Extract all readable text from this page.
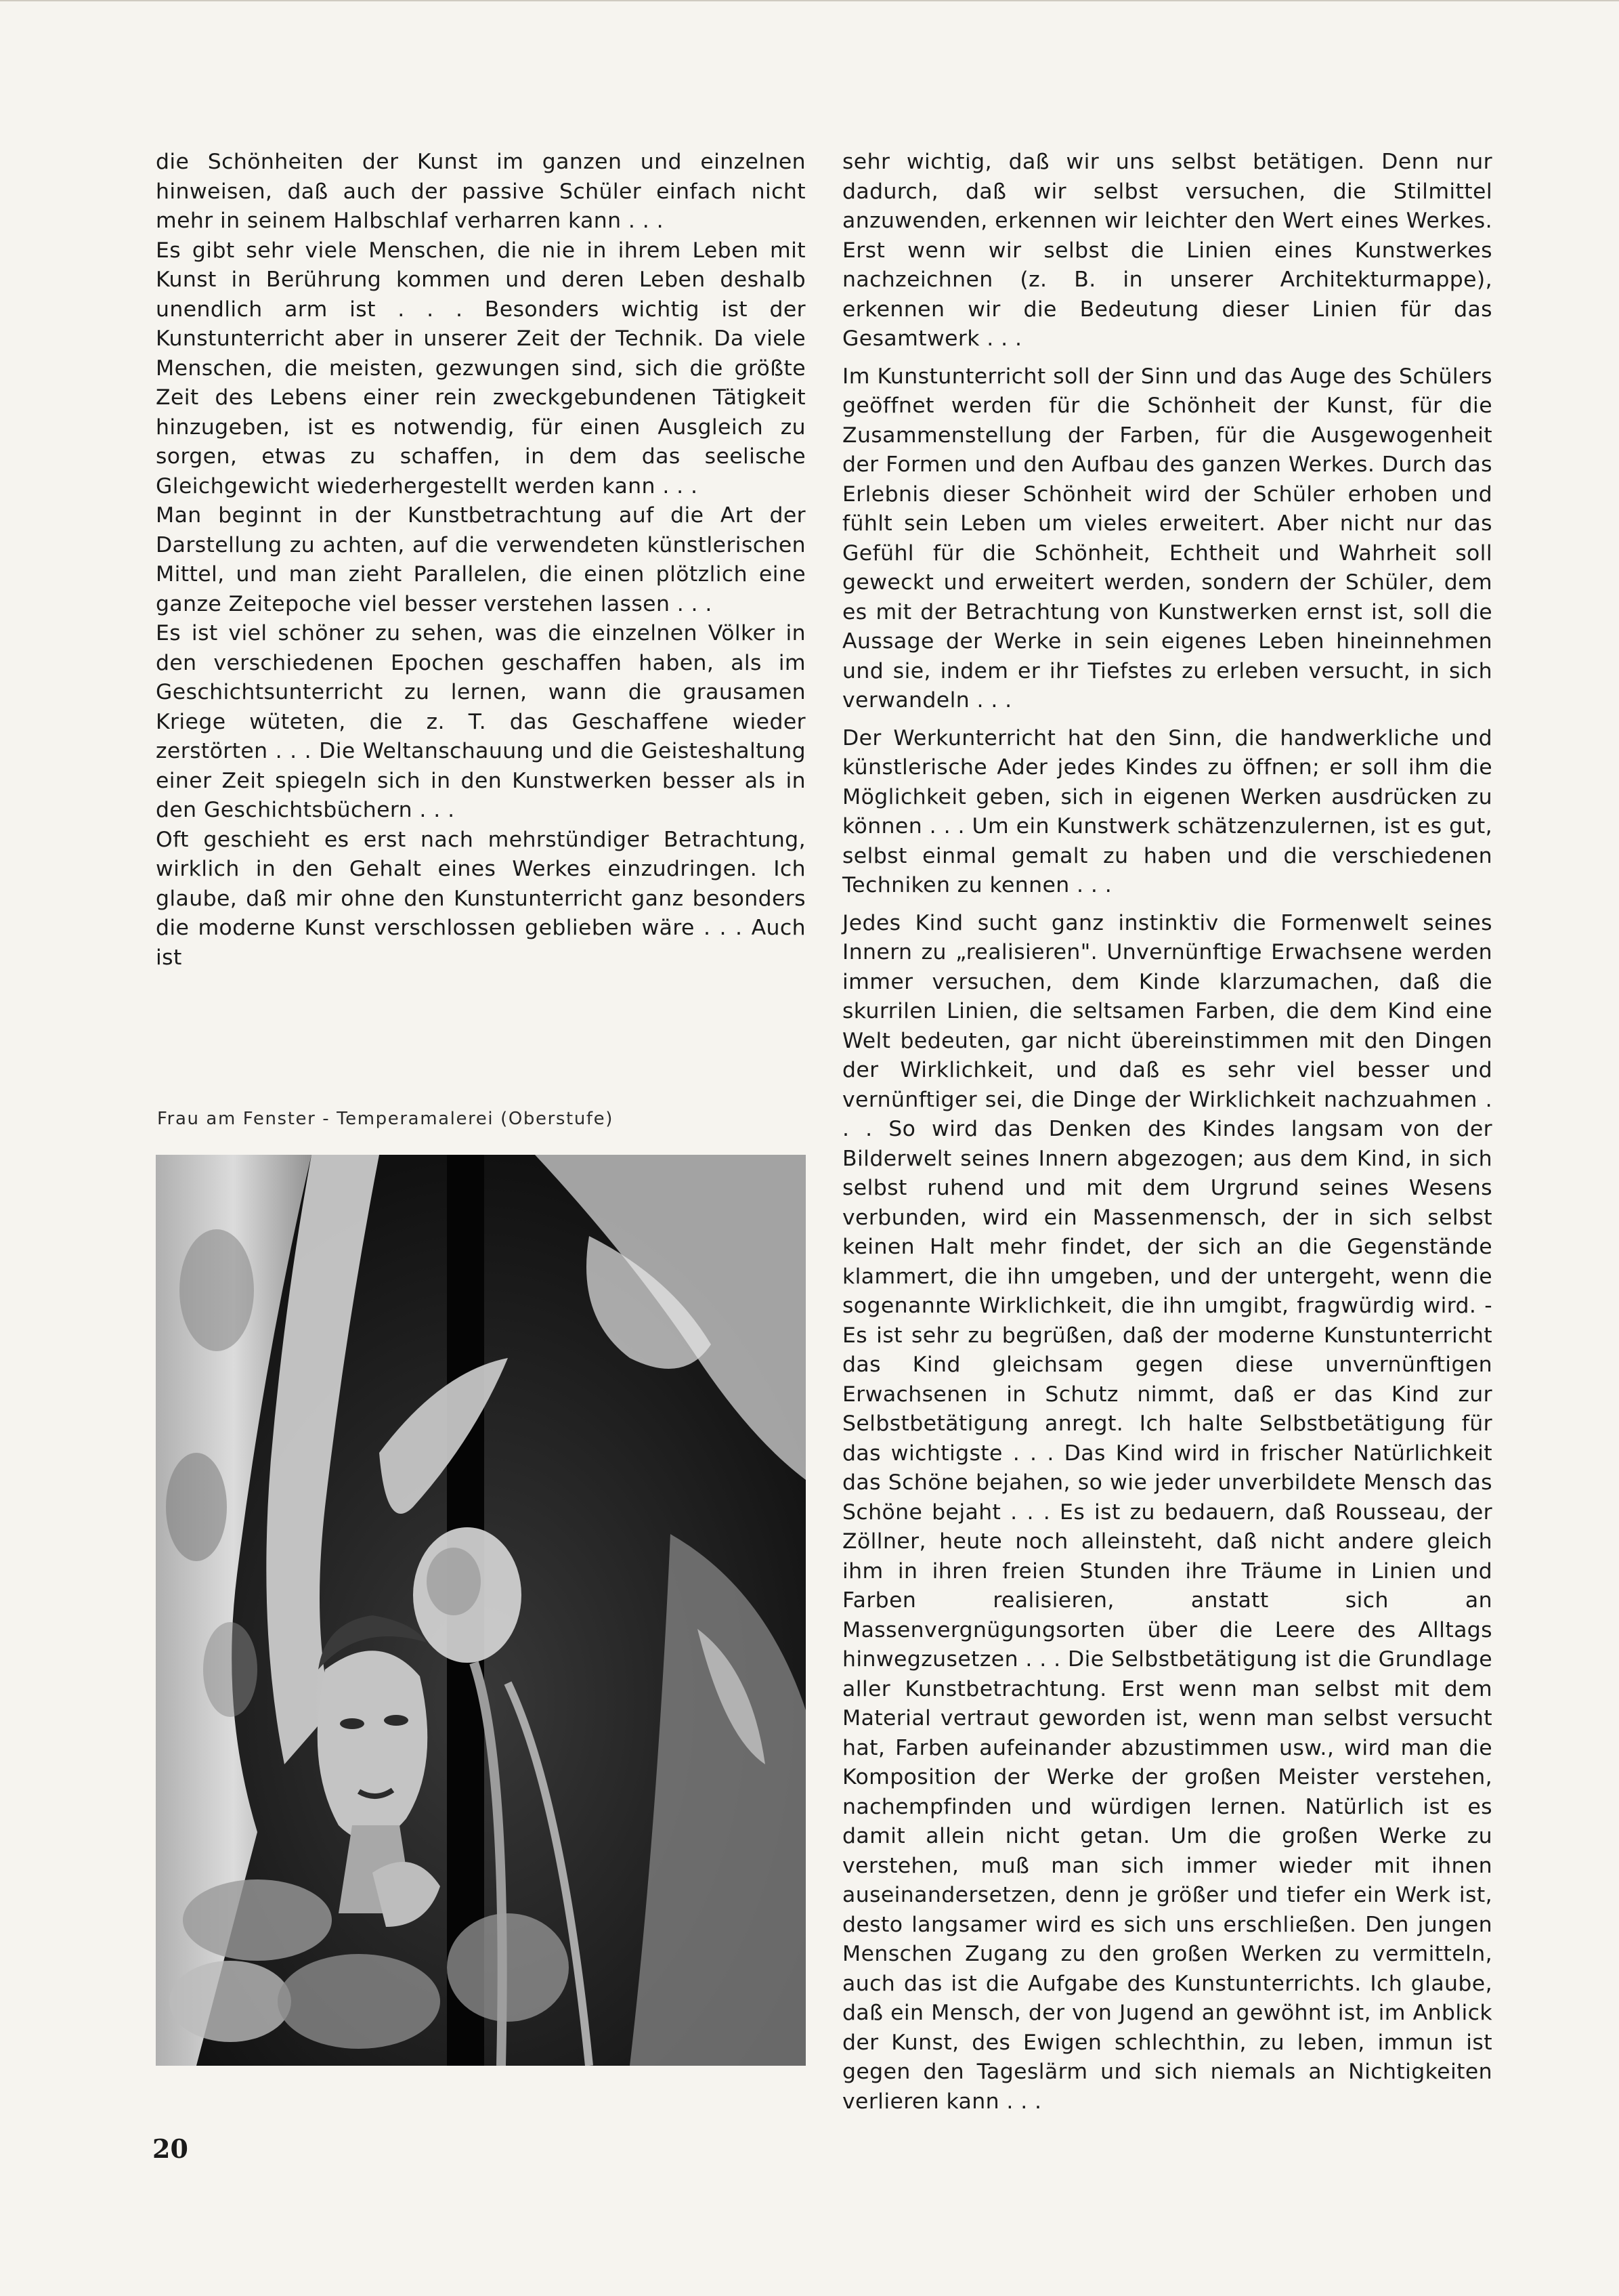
die Schönheiten der Kunst im ganzen und einzelnen hinweisen, daß auch der passive Schüler einfach nicht mehr in seinem Halbschlaf verharren kann . . .

Es gibt sehr viele Menschen, die nie in ihrem Leben mit Kunst in Berührung kommen und deren Leben deshalb unendlich arm ist . . . Besonders wichtig ist der Kunstunterricht aber in unserer Zeit der Technik. Da viele Menschen, die meisten, gezwungen sind, sich die größte Zeit des Lebens einer rein zweckgebundenen Tätigkeit hinzugeben, ist es notwendig, für einen Ausgleich zu sorgen, etwas zu schaffen, in dem das seelische Gleichgewicht wiederhergestellt werden kann . . .

Man beginnt in der Kunstbetrachtung auf die Art der Darstellung zu achten, auf die verwendeten künstlerischen Mittel, und man zieht Parallelen, die einen plötzlich eine ganze Zeitepoche viel besser verstehen lassen . . .

Es ist viel schöner zu sehen, was die einzelnen Völker in den verschiedenen Epochen geschaffen haben, als im Geschichtsunterricht zu lernen, wann die grausamen Kriege wüteten, die z. T. das Geschaffene wieder zerstörten . . . Die Weltanschauung und die Geisteshaltung einer Zeit spiegeln sich in den Kunstwerken besser als in den Geschichtsbüchern . . .

Oft geschieht es erst nach mehrstündiger Betrachtung, wirklich in den Gehalt eines Werkes einzudringen. Ich glaube, daß mir ohne den Kunstunterricht ganz besonders die moderne Kunst verschlossen geblieben wäre . . . Auch ist

Frau am Fenster - Temperamalerei (Oberstufe)

sehr wichtig, daß wir uns selbst betätigen. Denn nur dadurch, daß wir selbst versuchen, die Stilmittel anzuwenden, erkennen wir leichter den Wert eines Werkes. Erst wenn wir selbst die Linien eines Kunstwerkes nachzeichnen (z. B. in unserer Architekturmappe), erkennen wir die Bedeutung dieser Linien für das Gesamtwerk . . .

Im Kunstunterricht soll der Sinn und das Auge des Schülers geöffnet werden für die Schönheit der Kunst, für die Zusammenstellung der Farben, für die Ausgewogenheit der Formen und den Aufbau des ganzen Werkes. Durch das Erlebnis dieser Schönheit wird der Schüler erhoben und fühlt sein Leben um vieles erweitert. Aber nicht nur das Gefühl für die Schönheit, Echtheit und Wahrheit soll geweckt und erweitert werden, sondern der Schüler, dem es mit der Betrachtung von Kunstwerken ernst ist, soll die Aussage der Werke in sein eigenes Leben hineinnehmen und sie, indem er ihr Tiefstes zu erleben versucht, in sich verwandeln . . .

Der Werkunterricht hat den Sinn, die handwerkliche und künstlerische Ader jedes Kindes zu öffnen; er soll ihm die Möglichkeit geben, sich in eigenen Werken ausdrücken zu können . . . Um ein Kunstwerk schätzenzulernen, ist es gut, selbst einmal gemalt zu haben und die verschiedenen Techniken zu kennen . . .

Jedes Kind sucht ganz instinktiv die Formenwelt seines Innern zu „realisieren". Unvernünftige Erwachsene werden immer versuchen, dem Kinde klarzumachen, daß die skurrilen Linien, die seltsamen Farben, die dem Kind eine Welt bedeuten, gar nicht übereinstimmen mit den Dingen der Wirklichkeit, und daß es sehr viel besser und vernünftiger sei, die Dinge der Wirklichkeit nachzuahmen . . . So wird das Denken des Kindes langsam von der Bilderwelt seines Innern abgezogen; aus dem Kind, in sich selbst ruhend und mit dem Urgrund seines Wesens verbunden, wird ein Massenmensch, der in sich selbst keinen Halt mehr findet, der sich an die Gegenstände klammert, die ihn umgeben, und der untergeht, wenn die sogenannte Wirklichkeit, die ihn umgibt, fragwürdig wird. - Es ist sehr zu begrüßen, daß der moderne Kunstunterricht das Kind gleichsam gegen diese unvernünftigen Erwachsenen in Schutz nimmt, daß er das Kind zur Selbstbetätigung anregt. Ich halte Selbstbetätigung für das wichtigste . . . Das Kind wird in frischer Natürlichkeit das Schöne bejahen, so wie jeder unverbildete Mensch das Schöne bejaht . . . Es ist zu bedauern, daß Rousseau, der Zöllner, heute noch alleinsteht, daß nicht andere gleich ihm in ihren freien Stunden ihre Träume in Linien und Farben realisieren, anstatt sich an Massenvergnügungsorten über die Leere des Alltags hinwegzusetzen . . . Die Selbstbetätigung ist die Grundlage aller Kunstbetrachtung. Erst wenn man selbst mit dem Material vertraut geworden ist, wenn man selbst versucht hat, Farben aufeinander abzustimmen usw., wird man die Komposition der Werke der großen Meister verstehen, nachempfinden und würdigen lernen. Natürlich ist es damit allein nicht getan. Um die großen Werke zu verstehen, muß man sich immer wieder mit ihnen auseinandersetzen, denn je größer und tiefer ein Werk ist, desto langsamer wird es sich uns erschließen. Den jungen Menschen Zugang zu den großen Werken zu vermitteln, auch das ist die Aufgabe des Kunstunterrichts. Ich glaube, daß ein Mensch, der von Jugend an gewöhnt ist, im Anblick der Kunst, des Ewigen schlechthin, zu leben, immun ist gegen den Tageslärm und sich niemals an Nichtigkeiten verlieren kann . . .

20
